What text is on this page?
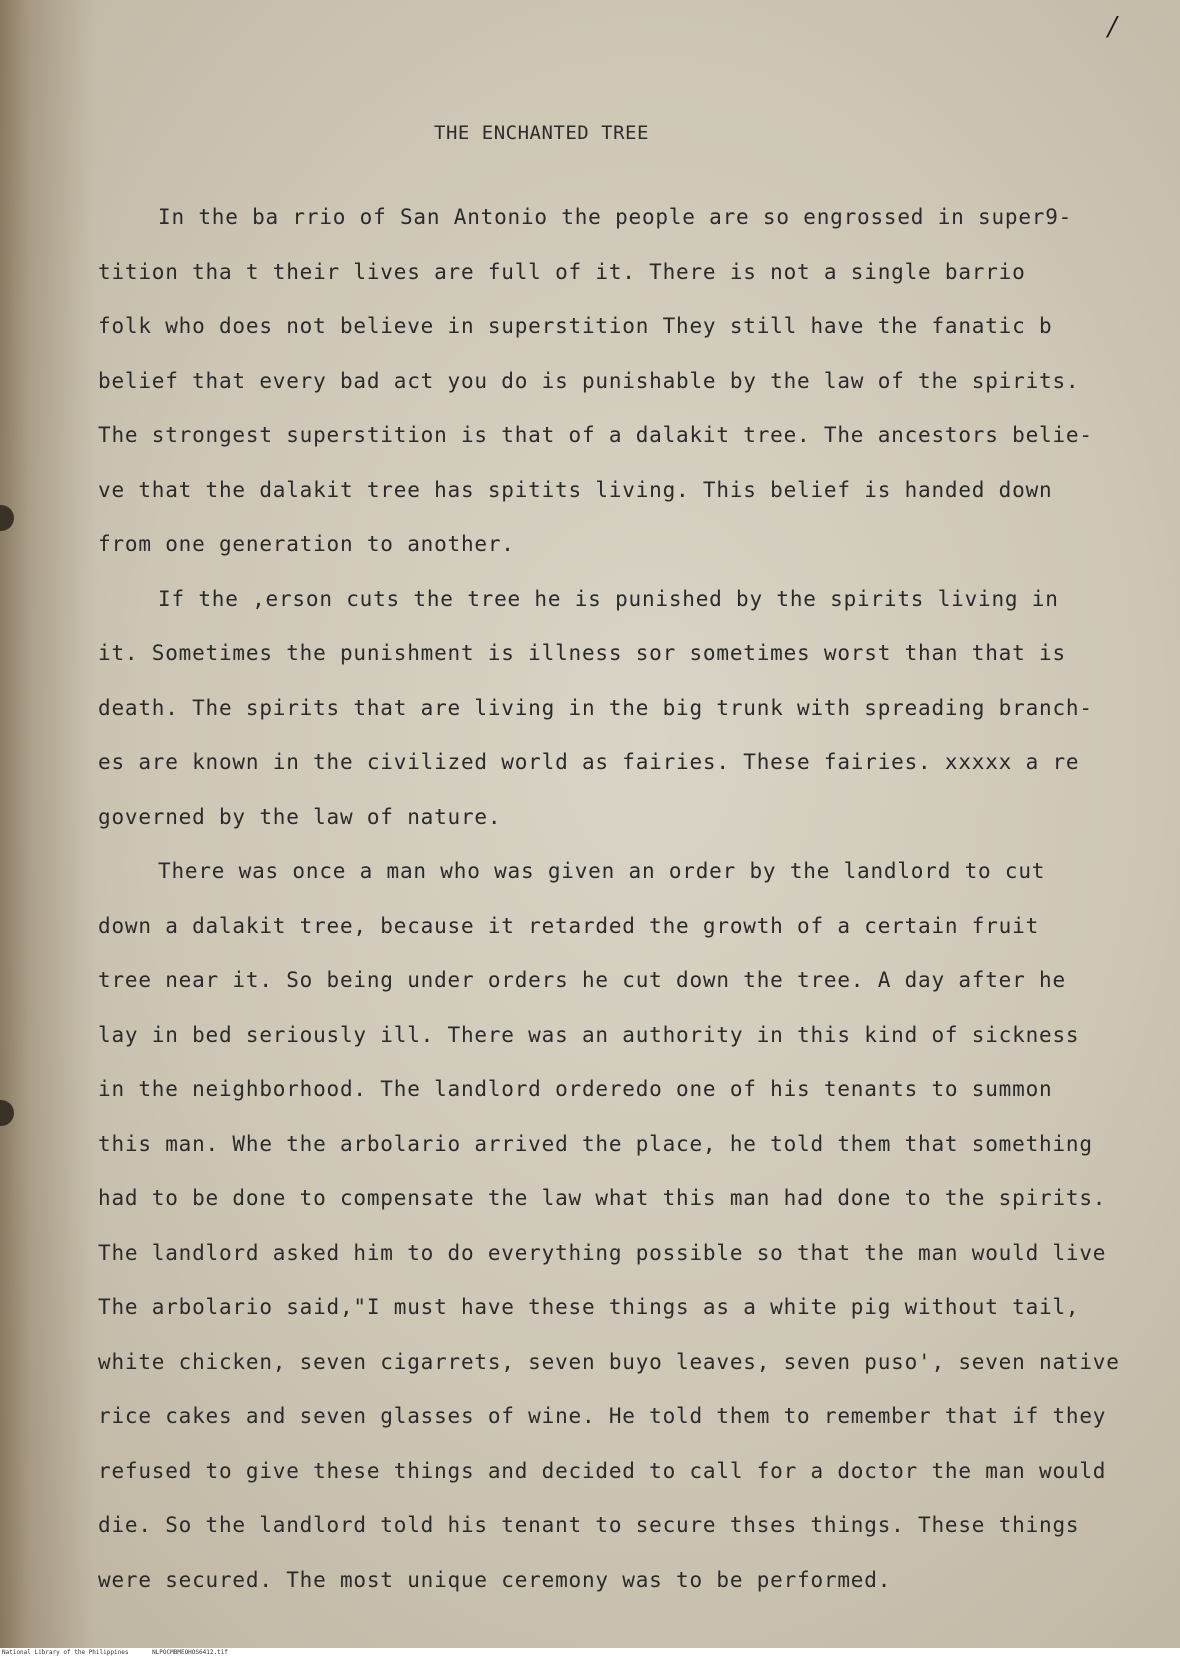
/
THE ENCHANTED TREE
In the ba rrio of San Antonio the people are so engrossed in super9-
tition tha t their lives are full of it. There is not a single barrio
folk who does not believe in superstition They still have the fanatic b
belief that every bad act you do is punishable by the law of the spirits.
The strongest superstition is that of a dalakit tree. The ancestors belie-
ve that the dalakit tree has spitits living. This belief is handed down
from one generation to another.
If the ,erson cuts the tree he is punished by the spirits living in
it. Sometimes the punishment is illness sor sometimes worst than that is
death. The spirits that are living in the big trunk with spreading branch-
es are known in the civilized world as fairies. These fairies. xxxxx a re
governed by the law of nature.
There was once a man who was given an order by the landlord to cut
down a dalakit tree, because it retarded the growth of a certain fruit
tree near it. So being under orders he cut down the tree. A day after he
lay in bed seriously ill. There was an authority in this kind of sickness
in the neighborhood. The landlord orderedo one of his tenants to summon
this man. Whe the arbolario arrived the place, he told them that something
had to be done to compensate the law what this man had done to the spirits.
The landlord asked him to do everything possible so that the man would live
The arbolario said,"I must have these things as a white pig without tail,
white chicken, seven cigarrets, seven buyo leaves, seven puso', seven native
rice cakes and seven glasses of wine. He told them to remember that if they
refused to give these things and decided to call for a doctor the man would
die. So the landlord told his tenant to secure thses things. These things
were secured. The most unique ceremony was to be performed.
National Library of the Philippines	NLPOCMBMEOHOS6412.tif
